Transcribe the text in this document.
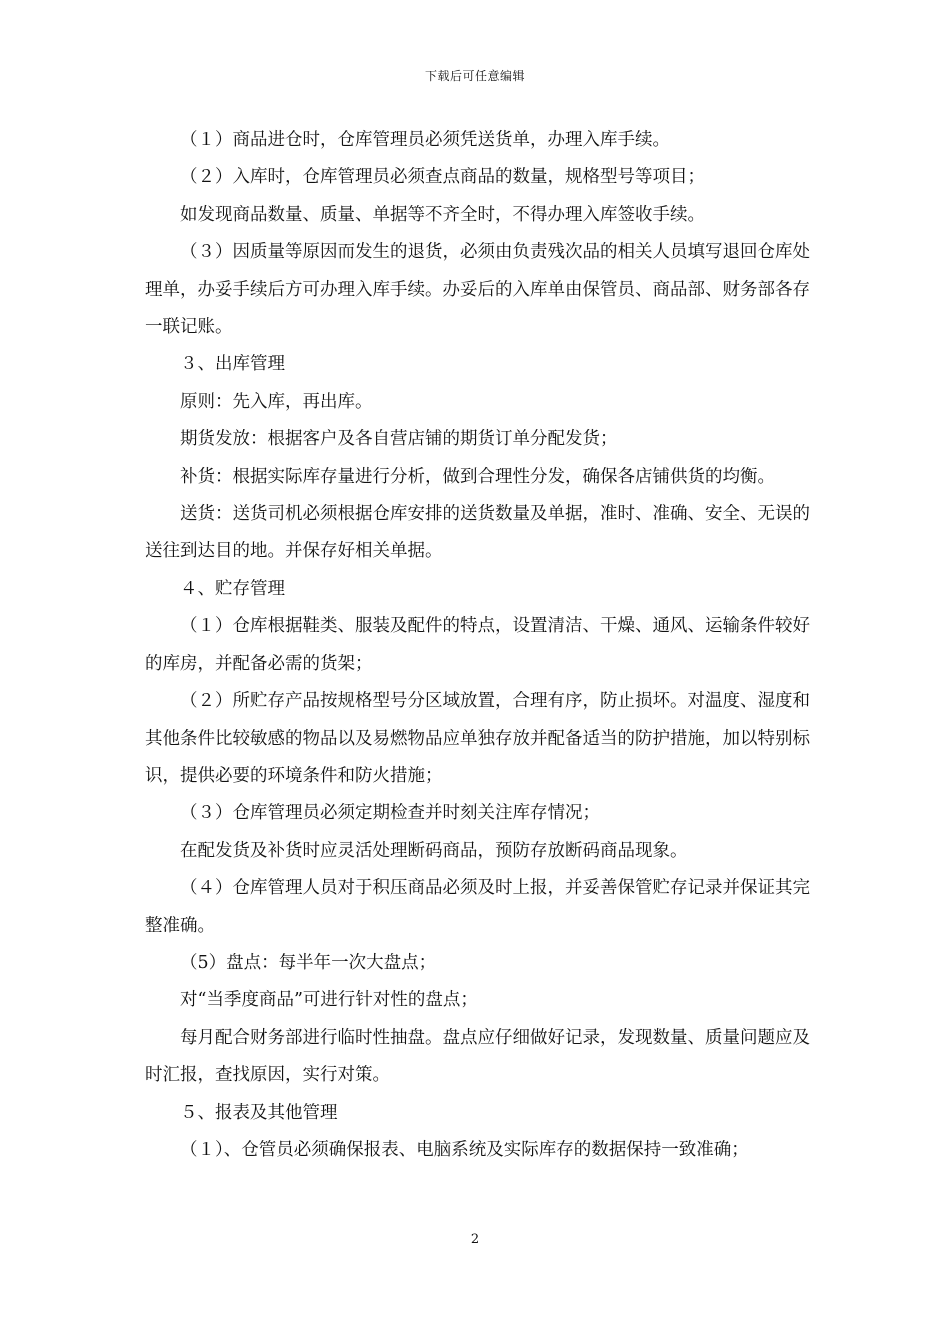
下载后可任意编辑

（１）商品进仓时，仓库管理员必须凭送货单，办理入库手续。

（２）入库时，仓库管理员必须查点商品的数量，规格型号等项目；

如发现商品数量、质量、单据等不齐全时，不得办理入库签收手续。

（３）因质量等原因而发生的退货，必须由负责残次品的相关人员填写退回仓库处理单，办妥手续后方可办理入库手续。办妥后的入库单由保管员、商品部、财务部各存一联记账。

３、出库管理

原则：先入库，再出库。

期货发放：根据客户及各自营店铺的期货订单分配发货；

补货：根据实际库存量进行分析，做到合理性分发，确保各店铺供货的均衡。

送货：送货司机必须根据仓库安排的送货数量及单据，准时、准确、安全、无误的送往到达目的地。并保存好相关单据。

４、贮存管理

（１）仓库根据鞋类、服装及配件的特点，设置清洁、干燥、通风、运输条件较好的库房，并配备必需的货架；

（２）所贮存产品按规格型号分区域放置，合理有序，防止损坏。对温度、湿度和其他条件比较敏感的物品以及易燃物品应单独存放并配备适当的防护措施，加以特别标识，提供必要的环境条件和防火措施；

（３）仓库管理员必须定期检查并时刻关注库存情况；

在配发货及补货时应灵活处理断码商品，预防存放断码商品现象。

（４）仓库管理人员对于积压商品必须及时上报，并妥善保管贮存记录并保证其完整准确。

（5）盘点：每半年一次大盘点；

对“当季度商品”可进行针对性的盘点；

每月配合财务部进行临时性抽盘。盘点应仔细做好记录，发现数量、质量问题应及时汇报，查找原因，实行对策。

５、报表及其他管理

（１）、仓管员必须确保报表、电脑系统及实际库存的数据保持一致准确；

2
